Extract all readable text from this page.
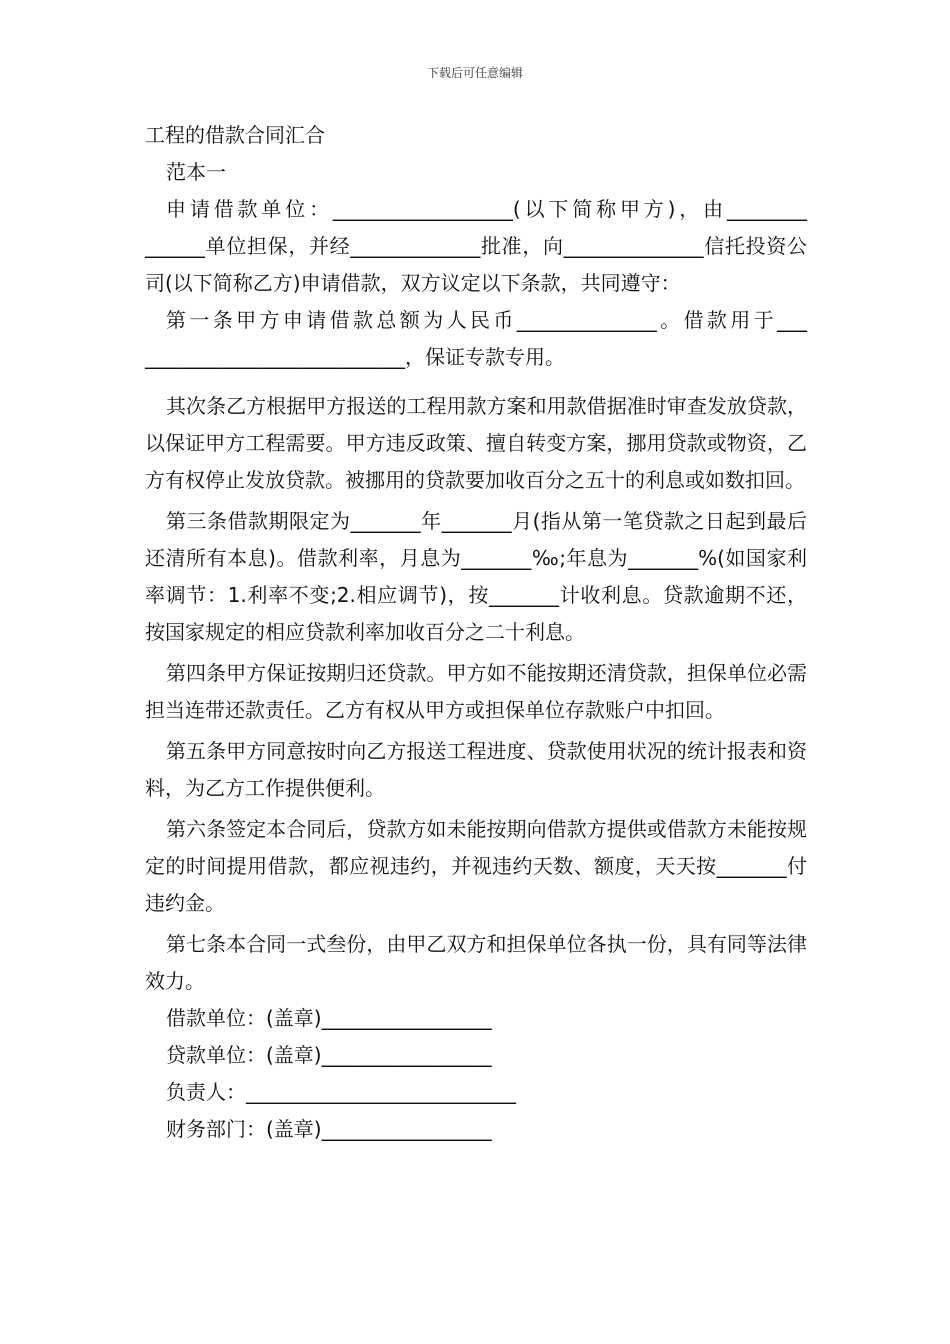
下载后可任意编辑

工程的借款合同汇合

范本一

申请借款单位：__________________(以下简称甲方)，由________ ______单位担保，并经_____________批准，向______________信托投资公司(以下简称乙方)申请借款，双方议定以下条款，共同遵守：

第一条甲方申请借款总额为人民币______________。借款用于___ __________________________，保证专款专用。

其次条乙方根据甲方报送的工程用款方案和用款借据准时审查发放贷款，以保证甲方工程需要。甲方违反政策、擅自转变方案，挪用贷款或物资，乙方有权停止发放贷款。被挪用的贷款要加收百分之五十的利息或如数扣回。

第三条借款期限定为_______年_______月(指从第一笔贷款之日起到最后还清所有本息)。借款利率，月息为_______‰;年息为_______%(如国家利率调节：1.利率不变;2.相应调节)，按_______计收利息。贷款逾期不还，按国家规定的相应贷款利率加收百分之二十利息。

第四条甲方保证按期归还贷款。甲方如不能按期还清贷款，担保单位必需担当连带还款责任。乙方有权从甲方或担保单位存款账户中扣回。

第五条甲方同意按时向乙方报送工程进度、贷款使用状况的统计报表和资料，为乙方工作提供便利。

第六条签定本合同后，贷款方如未能按期向借款方提供或借款方未能按规定的时间提用借款，都应视违约，并视违约天数、额度，天天按_______付违约金。

第七条本合同一式叁份，由甲乙双方和担保单位各执一份，具有同等法律效力。

借款单位：(盖章)_________________

贷款单位：(盖章)_________________

负责人：___________________________

财务部门：(盖章)_________________
